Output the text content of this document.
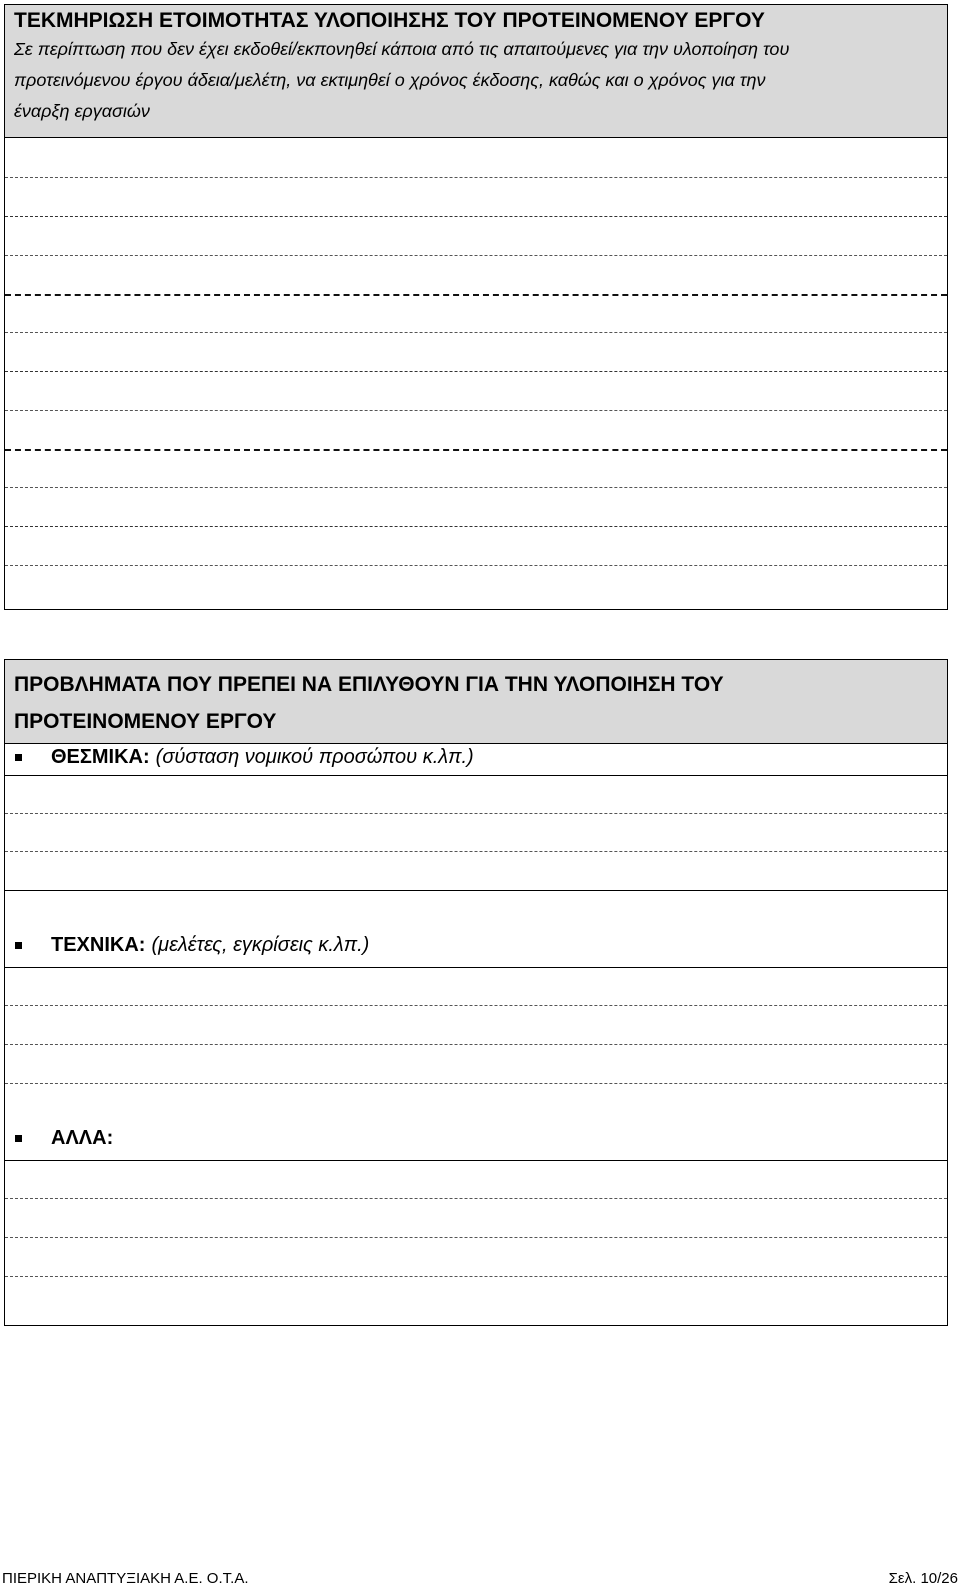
ΤΕΚΜΗΡΙΩΣΗ ΕΤΟΙΜΟΤΗΤΑΣ ΥΛΟΠΟΙΗΣΗΣ ΤΟΥ ΠΡΟΤΕΙΝΟΜΕΝΟΥ ΕΡΓΟΥ
Σε περίπτωση που δεν έχει εκδοθεί/εκπονηθεί κάποια από τις απαιτούμενες για την υλοποίηση του
προτεινόμενου έργου άδεια/μελέτη, να εκτιμηθεί ο χρόνος έκδοσης, καθώς και ο χρόνος για την
έναρξη εργασιών
ΠΡΟΒΛΗΜΑΤΑ ΠΟΥ ΠΡΕΠΕΙ ΝΑ ΕΠΙΛΥΘΟΥΝ ΓΙΑ ΤΗΝ ΥΛΟΠΟΙΗΣΗ ΤΟΥ
ΠΡΟΤΕΙΝΟΜΕΝΟΥ ΕΡΓΟΥ
ΘΕΣΜΙΚΑ: (σύσταση νομικού προσώπου κ.λπ.)
ΤΕΧΝΙΚΑ: (μελέτες, εγκρίσεις κ.λπ.)
ΑΛΛΑ:
ΠΙΕΡΙΚΗ ΑΝΑΠΤΥΞΙΑΚΗ Α.Ε. Ο.Τ.Α.	Σελ. 10/26
